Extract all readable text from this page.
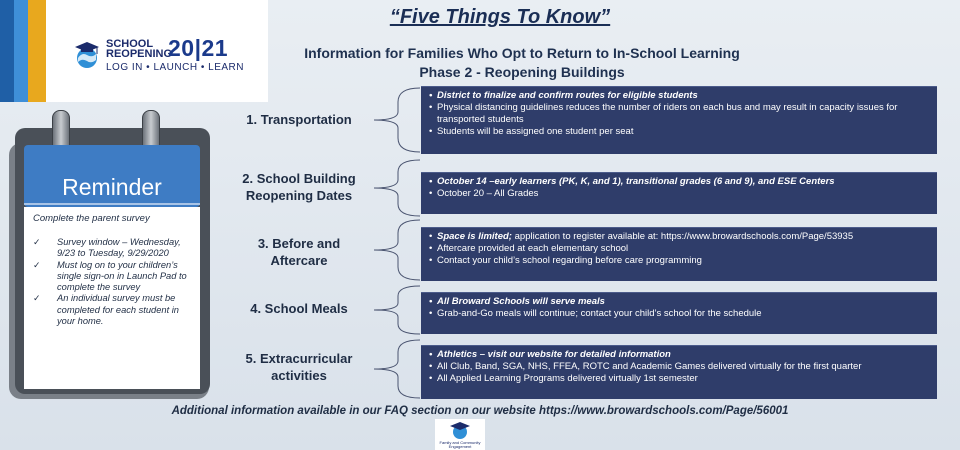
SCHOOL
REOPENING
20|21
LOG IN • LAUNCH • LEARN
“Five Things To Know”
Information for Families Who Opt to Return to In-School Learning
Phase 2 - Reopening Buildings
Reminder
Complete the parent survey
✓ Survey window – Wednesday, 9/23 to Tuesday, 9/29/2020
✓ Must log on to your children’s single sign-on in Launch Pad to complete the survey
✓ An individual survey must be completed for each student in your home.
1. Transportation
• District to finalize and confirm routes for eligible students
• Physical distancing guidelines reduces the number of riders on each bus and may result in capacity issues for transported students
• Students will be assigned one student per seat
2. School Building Reopening Dates
• October 14 –early learners (PK, K, and 1), transitional grades (6 and 9), and ESE Centers
• October 20 – All Grades
3. Before and Aftercare
• Space is limited; application to register available at: https://www.browardschools.com/Page/53935
• Aftercare provided at each elementary school
• Contact your child’s school regarding before care programming
4. School Meals
•	All Broward Schools will serve meals
• Grab-and-Go meals will continue; contact your child’s school for the schedule
5. Extracurricular activities
• Athletics – visit our website for detailed information
• All Club, Band, SGA, NHS, FFEA, ROTC and Academic Games delivered virtually for the first quarter
• All Applied Learning Programs delivered virtually 1st semester
Additional information available in our FAQ section on our website https://www.browardschools.com/Page/56001
Family and Community Engagement
